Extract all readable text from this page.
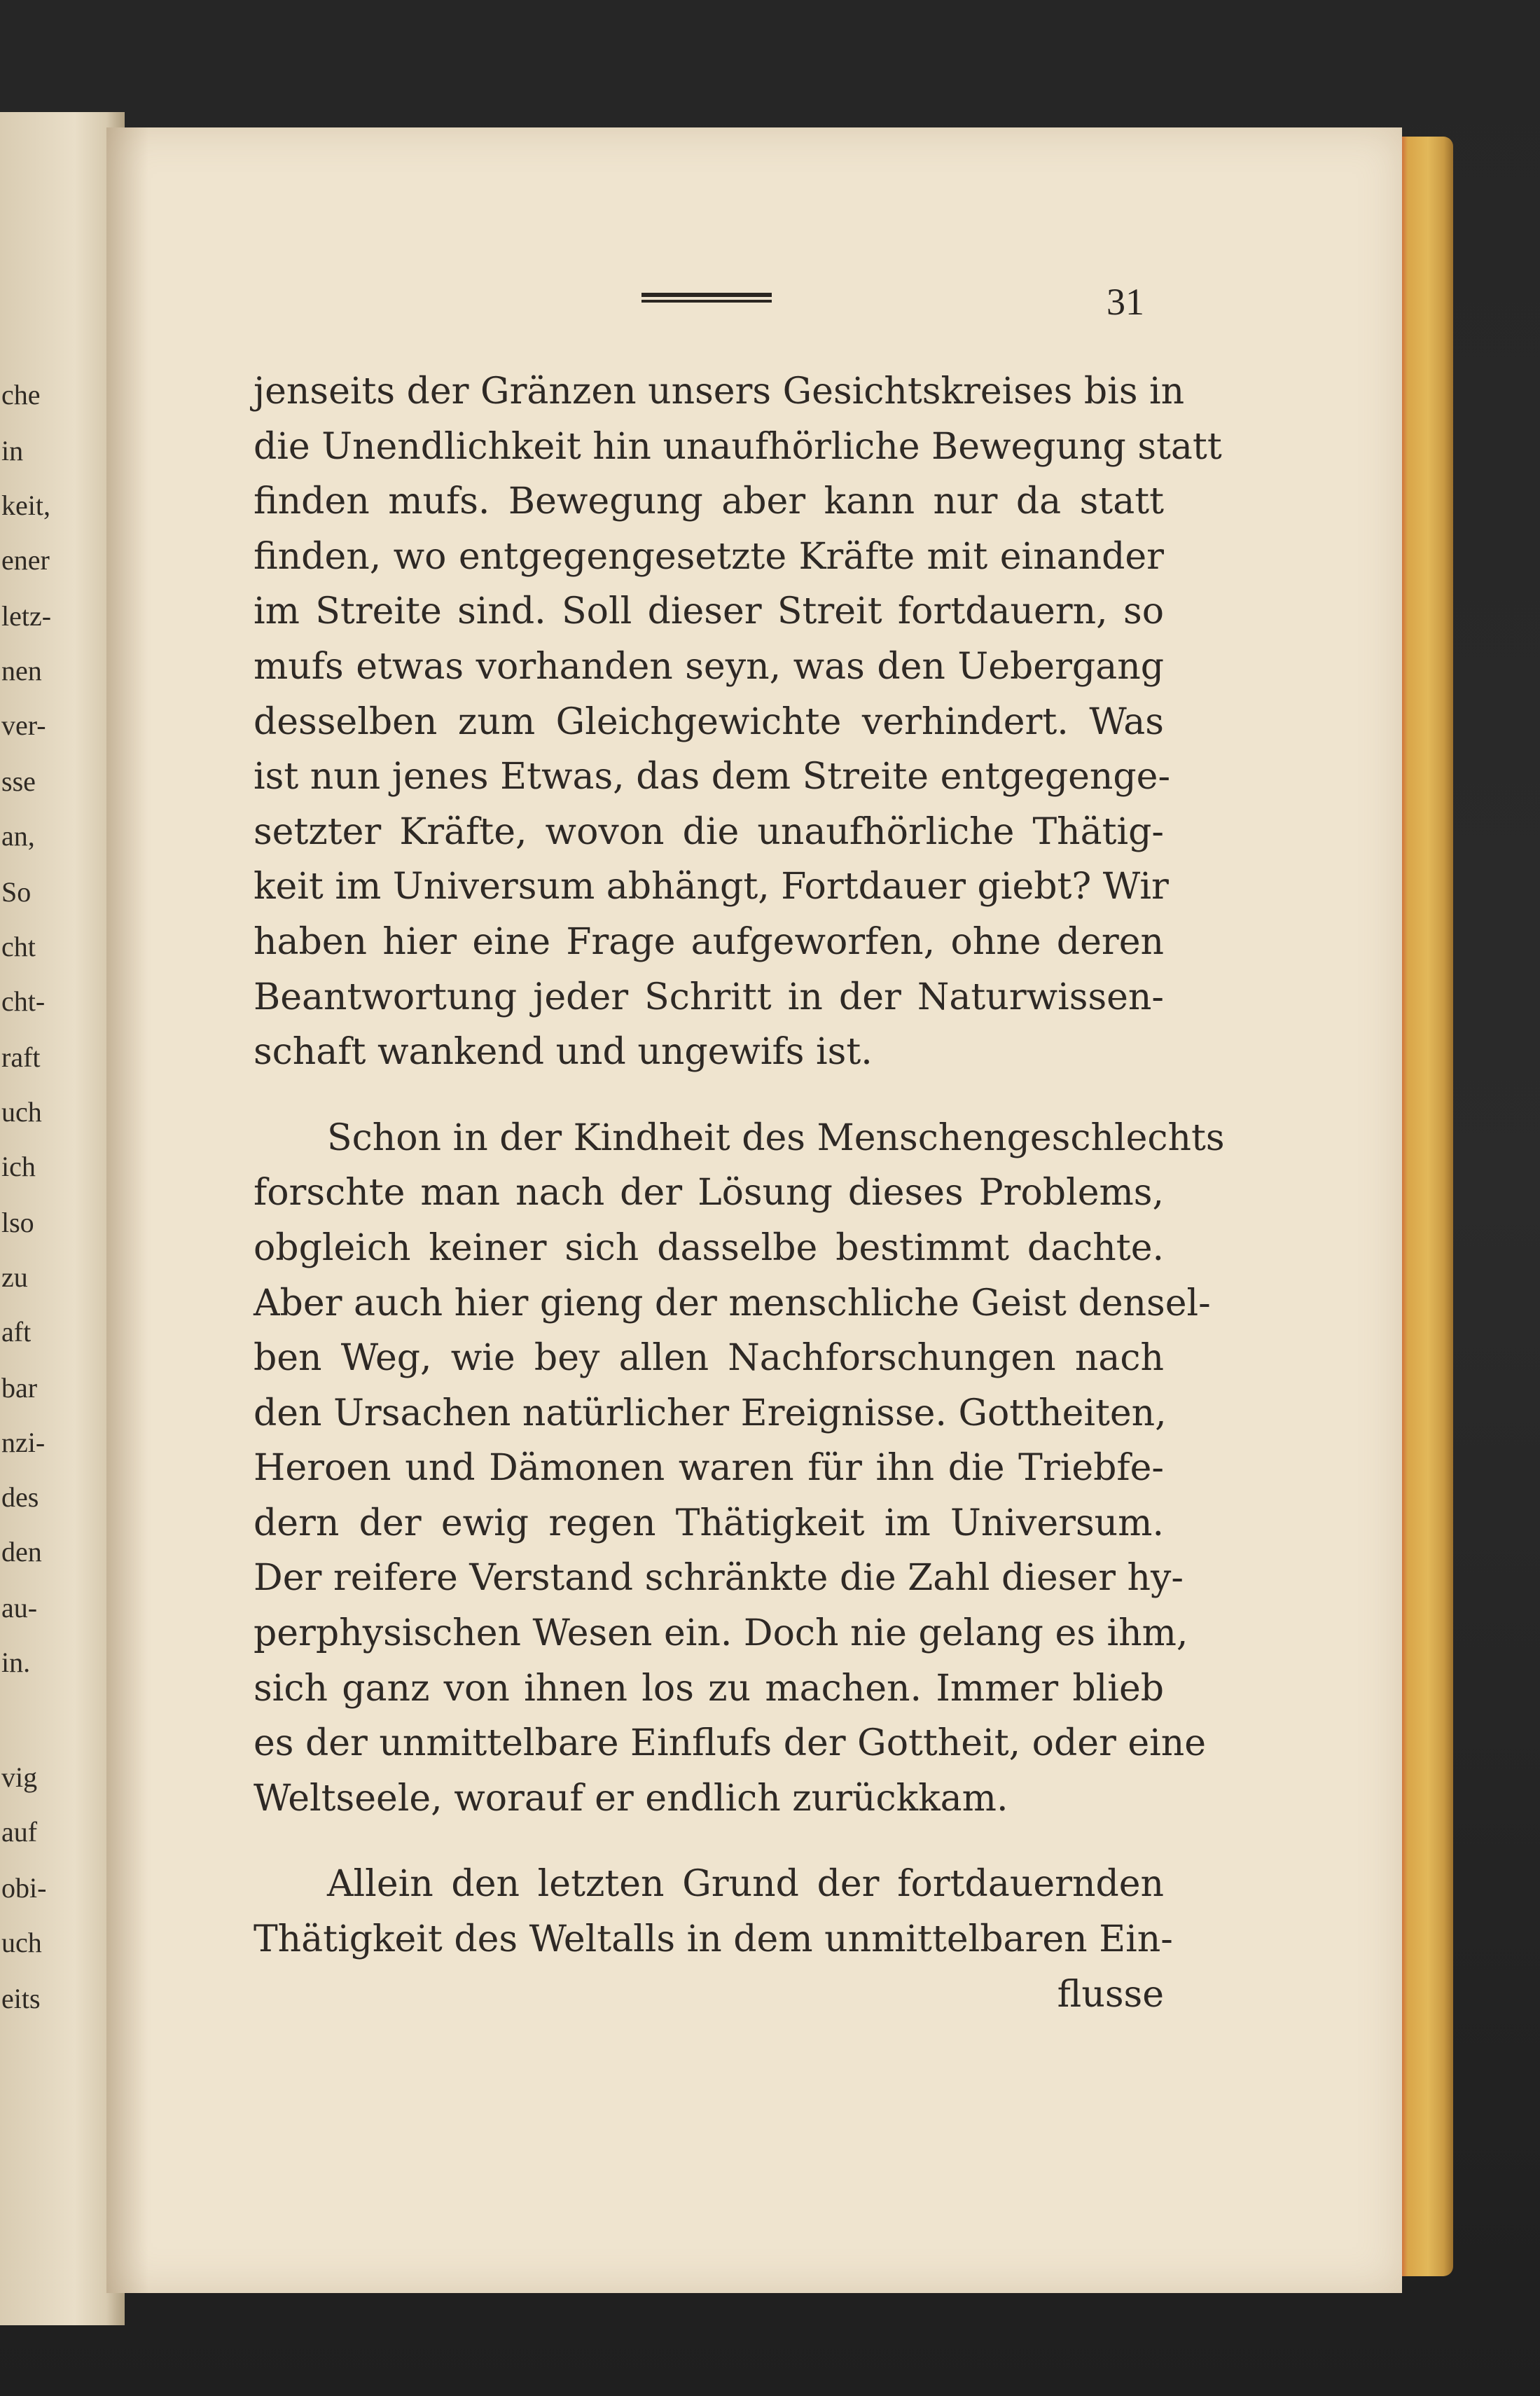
che
in
keit,
ener
letz-
nen
ver-
sse
an,
So
cht
cht-
raft
uch
ich
lso
zu
aft
bar
nzi-
des
den
au-
in.
vig
auf
obi-
uch
eits
31
jenseits der Gränzen unsers Gesichtskreises bis in
die Unendlichkeit hin unaufhörliche Bewegung statt
finden mufs. Bewegung aber kann nur da statt
finden, wo entgegengesetzte Kräfte mit einander
im Streite sind. Soll dieser Streit fortdauern, so
mufs etwas vorhanden seyn, was den Uebergang
desselben zum Gleichgewichte verhindert. Was
ist nun jenes Etwas, das dem Streite entgegenge-
setzter Kräfte, wovon die unaufhörliche Thätig-
keit im Universum abhängt, Fortdauer giebt? Wir
haben hier eine Frage aufgeworfen, ohne deren
Beantwortung jeder Schritt in der Naturwissen-
schaft wankend und ungewifs ist.
Schon in der Kindheit des Menschengeschlechts
forschte man nach der Lösung dieses Problems,
obgleich keiner sich dasselbe bestimmt dachte.
Aber auch hier gieng der menschliche Geist densel-
ben Weg, wie bey allen Nachforschungen nach
den Ursachen natürlicher Ereignisse. Gottheiten,
Heroen und Dämonen waren für ihn die Triebfe-
dern der ewig regen Thätigkeit im Universum.
Der reifere Verstand schränkte die Zahl dieser hy-
perphysischen Wesen ein. Doch nie gelang es ihm,
sich ganz von ihnen los zu machen. Immer blieb
es der unmittelbare Einflufs der Gottheit, oder eine
Weltseele, worauf er endlich zurückkam.
Allein den letzten Grund der fortdauernden
Thätigkeit des Weltalls in dem unmittelbaren Ein-
flusse
